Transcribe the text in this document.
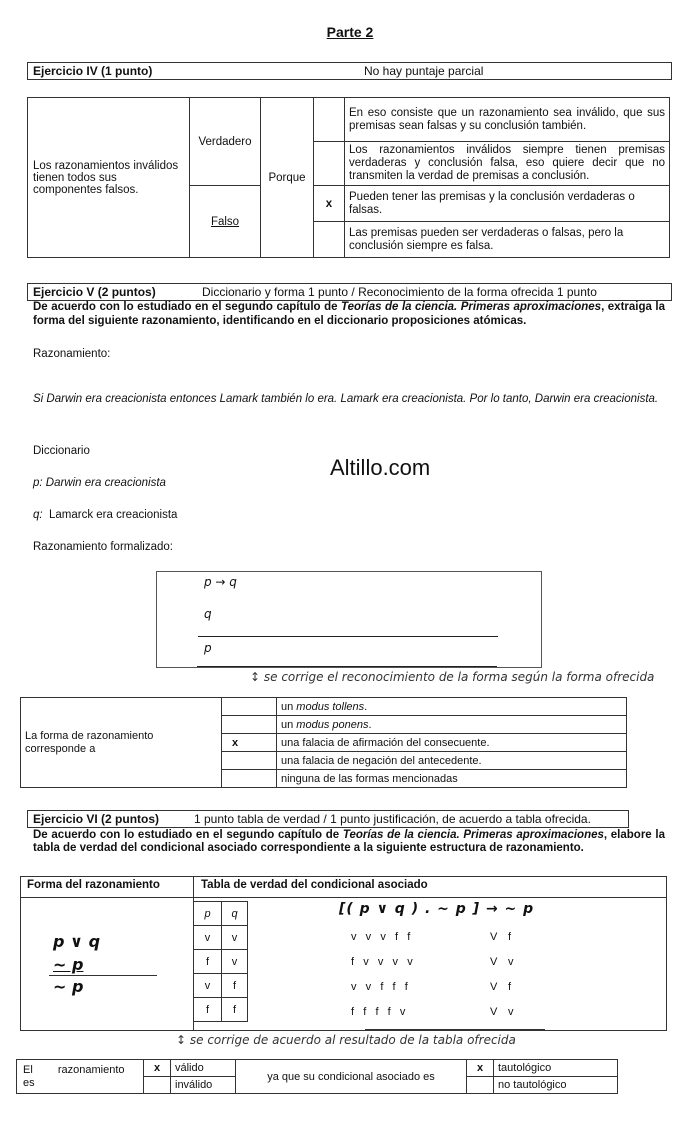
Parte 2
Ejercicio IV (1 punto)	No hay puntaje parcial
Los razonamientos inválidos tienen todos sus componentes falsos.	Verdadero	Porque		En eso consiste que un razonamiento sea inválido, que sus premisas sean falsas y su conclusión también.
				Los razonamientos inválidos siempre tienen premisas verdaderas y conclusión falsa, eso quiere decir que no transmiten la verdad de premisas a conclusión.
	Falso		x	Pueden tener las premisas y la conclusión verdaderas o falsas.
				Las premisas pueden ser verdaderas o falsas, pero la conclusión siempre es falsa.
Ejercicio V (2 puntos)	Diccionario y forma 1 punto / Reconocimiento de la forma ofrecida 1 punto
De acuerdo con lo estudiado en el segundo capítulo de Teorías de la ciencia. Primeras aproximaciones, extraiga la forma del siguiente razonamiento, identificando en el diccionario proposiciones atómicas.
Razonamiento:
Si Darwin era creacionista entonces Lamark también lo era. Lamark era creacionista. Por lo tanto, Darwin era creacionista.
Diccionario
Altillo.com
p: Darwin era creacionista
q: Lamarck era creacionista
Razonamiento formalizado:
p → q
q
p
↕ se corrige el reconocimiento de la forma según la forma ofrecida
La forma de razonamiento corresponde a		un modus tollens.
		un modus ponens.
	x	una falacia de afirmación del consecuente.
		una falacia de negación del antecedente.
		ninguna de las formas mencionadas
Ejercicio VI (2 puntos)	1 punto tabla de verdad / 1 punto justificación, de acuerdo a tabla ofrecida.
De acuerdo con lo estudiado en el segundo capítulo de Teorías de la ciencia. Primeras aproximaciones, elabore la tabla de verdad del condicional asociado correspondiente a la siguiente estructura de razonamiento.
Forma del razonamiento	Tabla de verdad del condicional asociado
p ∨ q
~ p
~ p
p	q
v	v
f	v
v	f
f	f
[( p ∨ q ) . ~ p ] → ~ p
v   v   v   f   f	V f
f   v   v   v   v	V v
v   v   f   f   f	V f
f   f   f   f   v	V v
↕ se corrige de acuerdo al resultado de la tabla ofrecida
El razonamiento
es	x	válido	ya que su condicional asociado es	x	tautológico
		inválido			no tautológico
